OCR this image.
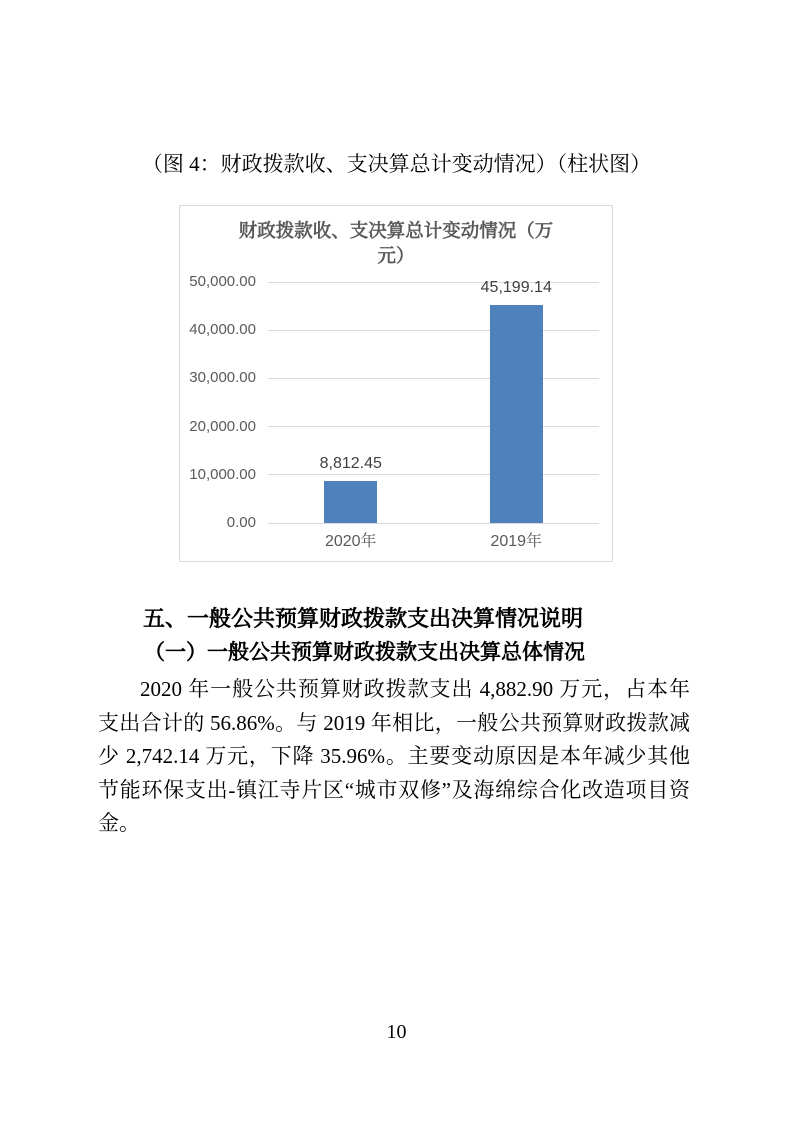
（图 4：财政拨款收、支决算总计变动情况）（柱状图）
财政拨款收、支决算总计变动情况（万元）
0.00
10,000.00
20,000.00
30,000.00
40,000.00
50,000.00
8,812.45
2020年
45,199.14
2019年
五、一般公共预算财政拨款支出决算情况说明
（一）一般公共预算财政拨款支出决算总体情况

2020 年一般公共预算财政拨款支出 4,882.90 万元，占本年支出合计的 56.86%。与 2019 年相比，一般公共预算财政拨款减少 2,742.14 万元，下降 35.96%。主要变动原因是本年减少其他节能环保支出-镇江寺片区“城市双修”及海绵综合化改造项目资金。

10
